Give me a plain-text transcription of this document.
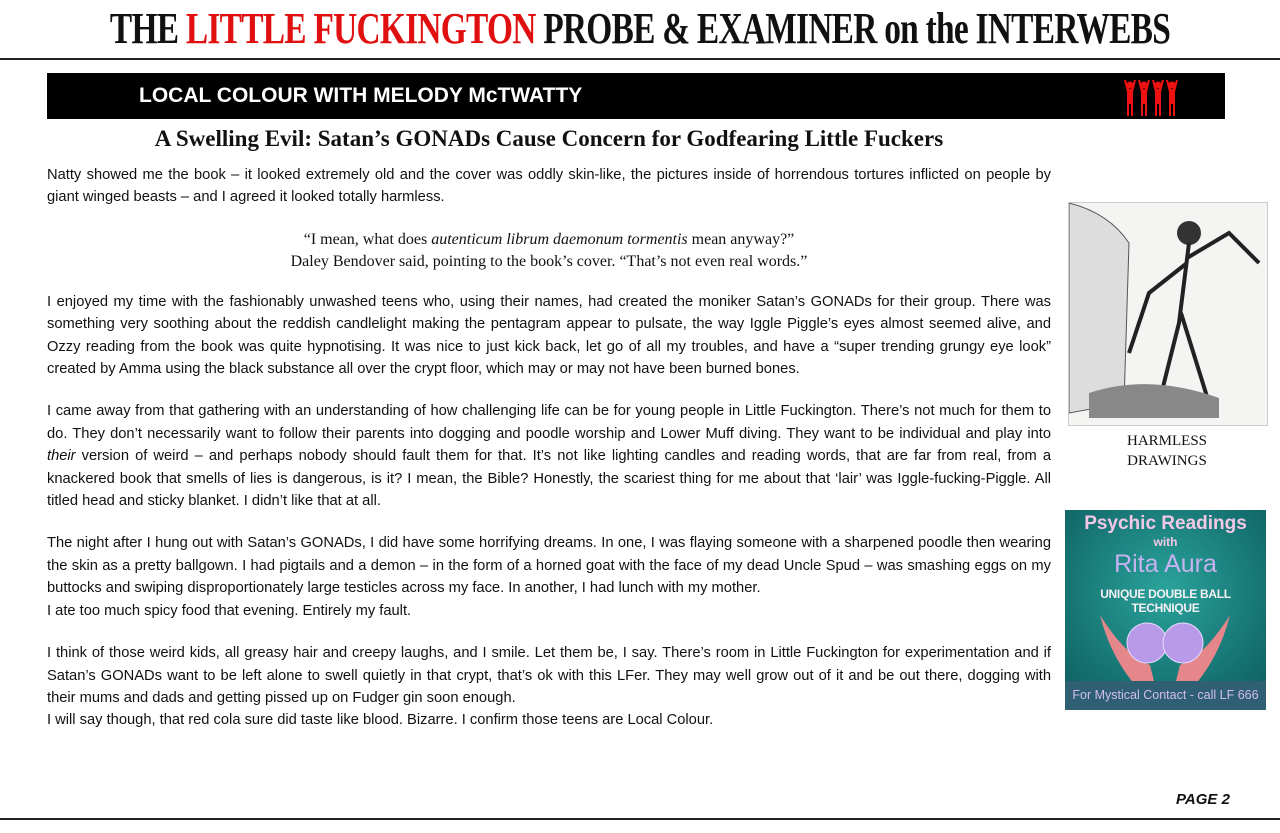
THE LITTLE FUCKINGTON PROBE & EXAMINER on the INTERWEBS
LOCAL COLOUR WITH MELODY McTWATTY
A Swelling Evil: Satan’s GONADs Cause Concern for Godfearing Little Fuckers

Natty showed me the book – it looked extremely old and the cover was oddly skin-like, the pictures inside of horrendous tortures inflicted on people by giant winged beasts – and I agreed it looked totally harmless.

“I mean, what does autenticum librum daemonum tormentis mean anyway?”
Daley Bendover said, pointing to the book’s cover. “That’s not even real words.”

I enjoyed my time with the fashionably unwashed teens who, using their names, had created the moniker Satan’s GONADs for their group. There was something very soothing about the reddish candlelight making the pentagram appear to pulsate, the way Iggle Piggle’s eyes almost seemed alive, and Ozzy reading from the book was quite hypnotising. It was nice to just kick back, let go of all my troubles, and have a “super trending grungy eye look” created by Amma using the black substance all over the crypt floor, which may or may not have been burned bones.

I came away from that gathering with an understanding of how challenging life can be for young people in Little Fuckington. There’s not much for them to do. They don’t necessarily want to follow their parents into dogging and poodle worship and Lower Muff diving. They want to be individual and play into their version of weird – and perhaps nobody should fault them for that. It’s not like lighting candles and reading words, that are far from real, from a knackered book that smells of lies is dangerous, is it? I mean, the Bible? Honestly, the scariest thing for me about that ‘lair’ was Iggle-fucking-Piggle. All titled head and sticky blanket. I didn’t like that at all.

The night after I hung out with Satan’s GONADs, I did have some horrifying dreams. In one, I was flaying someone with a sharpened poodle then wearing the skin as a pretty ballgown. I had pigtails and a demon – in the form of a horned goat with the face of my dead Uncle Spud – was smashing eggs on my buttocks and swiping disproportionately large testicles across my face. In another, I had lunch with my mother.
I ate too much spicy food that evening. Entirely my fault.

I think of those weird kids, all greasy hair and creepy laughs, and I smile. Let them be, I say. There’s room in Little Fuckington for experimentation and if Satan’s GONADs want to be left alone to swell quietly in that crypt, that’s ok with this LFer. They may well grow out of it and be out there, dogging with their mums and dads and getting pissed up on Fudger gin soon enough.
I will say though, that red cola sure did taste like blood. Bizarre. I confirm those teens are Local Colour.

HARMLESS
DRAWINGS
Psychic Readings
with
Rita Aura
UNIQUE DOUBLE BALL TECHNIQUE
For Mystical Contact - call LF 666
PAGE 2
